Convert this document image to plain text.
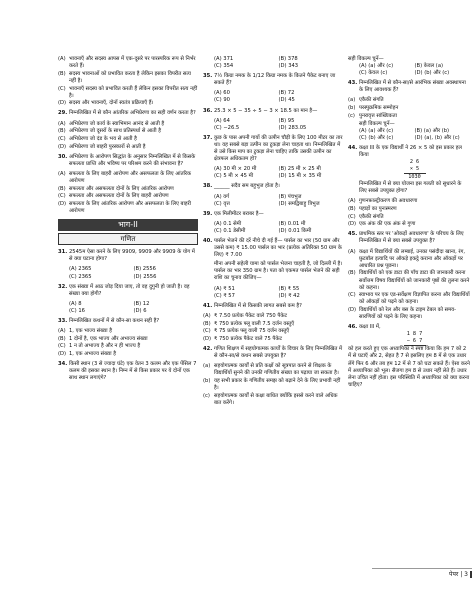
(A) भावनाएँ और सदस्य आपस में एक-दूसरे पर पारस्परिक रूप से निर्भर करते हैं।
(B) सदस्य भावनाओं को प्रभावित करता है लेकिन इसका विपरीत सत्य नहीं है।
(C) भावनाएँ सदस्य को प्रभावित करती हैं लेकिन इसका विपरीत सत्य नहीं है।
(D) सदस्य और भावनाएँ, दोनों स्वतंत्र प्रक्रियाएँ हैं।
29. निम्नलिखित में से कौन आंतरिक अभिप्रेरणा का सही वर्णन करता है?
(A) अभिप्रेरणा जो कार्य के स्वाभिमान आनंद से आती है
(B) अभिप्रेरणा जो दूसरों के साथ प्रतिस्पर्धा से आती है
(C) अभिप्रेरणा जो दंड के भय से आती है
(D) अभिप्रेरणा जो बाहरी पुरस्कारों से आती है
30. अभिप्रेरणा के आरोपण सिद्धांत के अनुसार निम्नलिखित में से किसके सफलता प्राप्ति और भविष्य पर परिश्रम करने की संभावना है?
(A) सफलता के लिए बाहरी आरोपण और असफलता के लिए आंतरिक आरोपण
(B) सफलता और असफलता दोनों के लिए आंतरिक आरोपण
(C) सफलता और असफलता दोनों के लिए बाहरी आरोपण
(D) सफलता के लिए आंतरिक आरोपण और असफलता के लिए बाहरी आरोपण
भाग-II
गणित
31. 2545म ऐसा करने के लिए 9909, 9909 और 9909 के योग में से क्या घटाना होगा?
(A) 2365	(B) 2556
(C) 2365	(D) 2556
32. एक संख्या में आठ जोड़ दिया जाए, तो वह दुगुनी हो जाती है। वह संख्या क्या होगी?
(A) 8	(B) 12
(C) 16	(D) 6
33. निम्नलिखित कथनों में से कौन-सा कथन सही है?
(A) 1, एक भाज्य संख्या है
(B) 1 दोनों है, एक भाज्य और अभाज्य संख्या
(C) 1 न तो अभाज्य है और न ही भाज्य है
(D) 1, एक अभाज्य संख्या है
34. किसी स्थान (3 से ज्यादा घंटे) एक वेतन 3 कलम और एक पेंसिल 7 कलम की इसका स्थान है। निम्न में से किस प्रकार पर ये दोनों एक साथ स्थान लगाएंगे?
(A) 371	(B) 378
(C) 354	(D) 343
35. 7½ किग्रा नमक के 1/12 किग्रा नमक के कितने पैकेट बनाए जा सकते हैं?
(A) 60	(B) 72
(C) 90	(D) 45
36. 25.3 × 5 − 35 ÷ 5 − 3 × 18.5 का मान है—
(A) 64	(B) 95
(C) −26.5	(D) 283.05
37. कुछ के पास अपनी गायों की उत्पीन चौड़ी के लिए 100 मीटर का तार था। वह सबसे बड़ा उत्पीन का टुकड़ा लेना चाहता था। निम्नलिखित में से उसे किस माप का टुकड़ा लेना चाहिए ताकि उसकी उत्पीन का क्षेत्रफल अधिकतम हो?
(A) 30 मी × 20 मी	(B) 25 मी × 25 मी
(C) 5 मी × 45 मी	(D) 15 मी × 35 मी
38. ______ सदैव सम बहुभुज होता है।
(A) वर्ग	(B) पंचभुज
(C) वृत्त	(D) समद्विबाहु त्रिभुज
39. एक मिलीमीटर बराबर है—
(A) 0.1 सेमी	(B) 0.01 मी
(C) 0.1 डेसीमी	(D) 0.01 किमी
40. पार्सल भेजने की दरें नीचे दी गई हैं— पार्सल का भार (50 ग्राम और उससे कम) ₹ 15.00 पार्सल का भार (प्रत्येक अतिरिक्त 50 ग्राम के लिए) ₹ 7.00
मीना अपनी सहेली यामा को पार्सल भेजना चाहती है, जो दिल्ली में है। पार्सल का भार 350 ग्राम है। पता को एकमत पार्सल भेजने की सही राशि का चुनाव कीजिए—
(A) ₹ 51	(B) ₹ 55
(C) ₹ 57	(D) ₹ 42
41. निम्नलिखित में से किसकी लागत सबसे कम है?
(A) ₹ 7.50 प्रत्येक पैकेट वाले 750 पैकेट
(B) ₹ 750 प्रत्येक फ्लू वाली 7.5 दर्जन वस्तुएँ
(C) ₹ 75 प्रत्येक फ्लू वाली 75 दर्जन वस्तुएँ
(D) ₹ 750 प्रत्येक पैकेट वाले 75 पैकेट
42. गणित शिक्षण में सहयोगात्मक कार्यों के विचार के लिए निम्नलिखित में से कौन-सा/से कथन सबसे उपयुक्त है?
(a) सहयोगात्मक कार्यों से प्रति कक्षों को सूत्रपात करने से शिक्षक के विद्यार्थियों सुनने की उनकी गणितीय संख्या का पढ़ाया जा सकता है।
(b) यह सभी प्रकार के गणितीय समझ को बढ़ाने देने के लिए प्रभावी नहीं है।
(c) सहयोगात्मक कार्यों से कक्षा बाधित क्योंकि इससे करने वाले अधिक बात करेंगे।
सही विकल्प चुनें—
(A) (a) और (c)	(B) केवल (a)
(C) केवल (c)	(D) (b) और (c)
43. निम्नलिखित में से कौन-सा/से आरंभिक संख्या अवस्थापना के लिए आवश्यक हैं?
(a) एकैकी संगति
(b) परस्पुक्रमिक सम्मोहन
(c) पुनरावृत्त सांख्यिकता
सही विकल्प चुनें—
(A) (a) और (c)	(B) (a) और (b)
(C) (b) और (c)	(D) (a), (b) और (c)
44. कक्षा III के एक विद्यार्थी ने 26 × 5 को इस प्रकार हल किया
2 6
× 5
1030
निम्नलिखित में से क्या योजना इस गलती को सुधारने के लिए सबसे उपयुक्त होगा?
(A) गुणनफ़ाल्ट्रीकरण की अवधारणा
(B) पहाड़ों का पुनःस्मरण
(C) एकैकी संगति
(D) एक अंक की एक अंक से गुणा
45. प्राथमिक स्तर पर 'ओकड़ों अवधारणा' के परिचय के लिए निम्नलिखित में से क्या सबसे उपयुक्त है?
(A) कक्षा में विद्यार्थियों की लम्बाई, उनका पसंदीदा खाना, रंग, फ़ुटबॉल इत्यादि पर ऑकड़े इकट्ठे कराना और ऑकड़ों पर आधारित प्रश्न पूछना।
(B) विद्यार्थियों को एक डाटा की पाँच डाटा की जानकारी करना सर्वोत्तम विषय विद्यार्थियों को जानकारी पृष्ठों की तुलना करने को कहना।
(C) स्वाभाव पर एक एड-सर्वेक्षण विज्ञापित करना और विद्यार्थियों को ऑकड़ों को पढ़ने को कहना।
(D) विद्यार्थियों को रेल और बस के टाइम टेबल को समय-सारणियों को पढ़ने के लिए कहना।
46. कक्षा III में,
1 8 7
− 6 7
को हल करते हुए एक अध्यापिका ने स्पष्ट किया कि हम 7 को 2 में से घटाएँ और 2, सेहत है 7 से इसलिए हम 8 में से एक उधार लेंगे फिर 6 और तब हम 12 में से 7 को घटा सकते हैं। ऐसा करने में अध्यापिका क्रो भूल। सैजगा हम 8 से उधार नहीं लेते हैं। उधार लेना उचित नहीं होता। इस परिस्थिति में अध्यापिका को क्या करना चाहिए?
पेपर | 3
